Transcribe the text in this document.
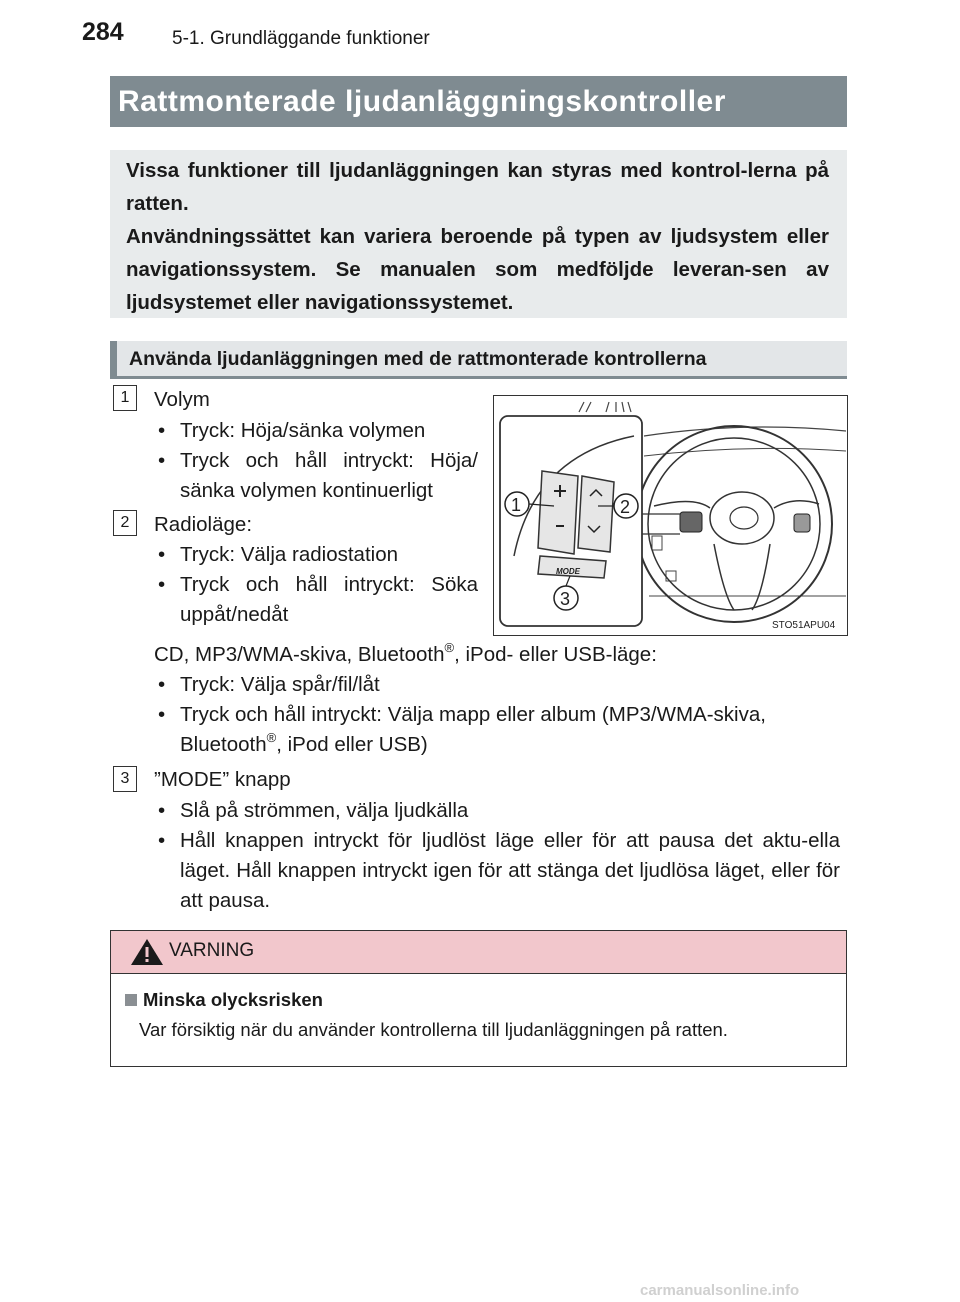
284	5-1. Grundläggande funktioner
Rattmonterade ljudanläggningskontroller

Vissa funktioner till ljudanläggningen kan styras med kontrol-lerna på ratten.

Användningssättet kan variera beroende på typen av ljudsystem eller navigationssystem. Se manualen som medföljde leveran-sen av ljudsystemet eller navigationssystemet.

Använda ljudanläggningen med de rattmonterade kontrollerna
1	Volym
• Tryck: Höja/sänka volymen
• Tryck och håll intryckt: Höja/ sänka volymen kontinuerligt
2	Radioläge:
• Tryck: Välja radiostation
• Tryck och håll intryckt: Söka uppåt/nedåt
CD, MP3/WMA-skiva, Bluetooth®, iPod- eller USB-läge:
• Tryck: Välja spår/fil/låt
• Tryck och håll intryckt: Välja mapp eller album (MP3/WMA-skiva, Bluetooth®, iPod eller USB)
3	”MODE” knapp
• Slå på strömmen, välja ljudkälla
• Håll knappen intryckt för ljudlöst läge eller för att pausa det aktu-ella läget. Håll knappen intryckt igen för att stänga det ljudlösa läget, eller för att pausa.
MODE
1	2
3
STO51APU04
VARNING
Minska olycksrisken
Var försiktig när du använder kontrollerna till ljudanläggningen på ratten.
carmanualsonline.info
